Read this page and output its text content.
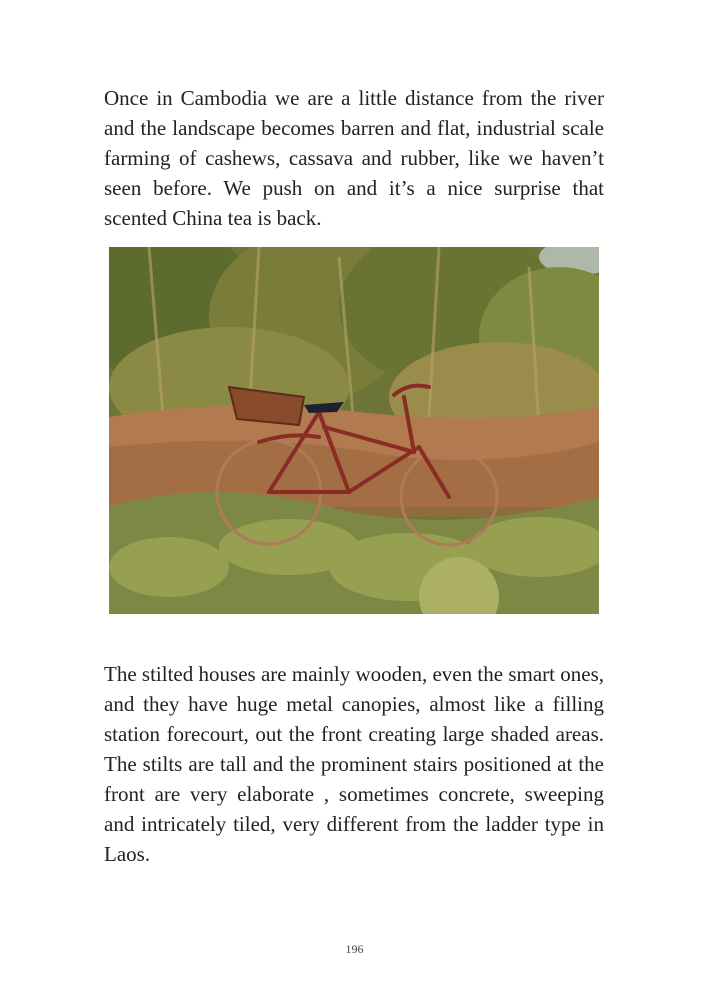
Once in Cambodia we are a little distance from the river and the landscape becomes barren and flat, industrial scale farming of cashews, cassava and rubber, like we haven’t seen before. We push on and it’s a nice surprise that scented China tea is back.

The stilted houses are mainly wooden, even the smart ones, and they have huge metal canopies, almost like a filling station forecourt, out the front creating large shaded areas. The stilts are tall and the prominent stairs positioned at the front are very elaborate , sometimes concrete, sweeping and intricately tiled, very different from the ladder type in Laos.

196
